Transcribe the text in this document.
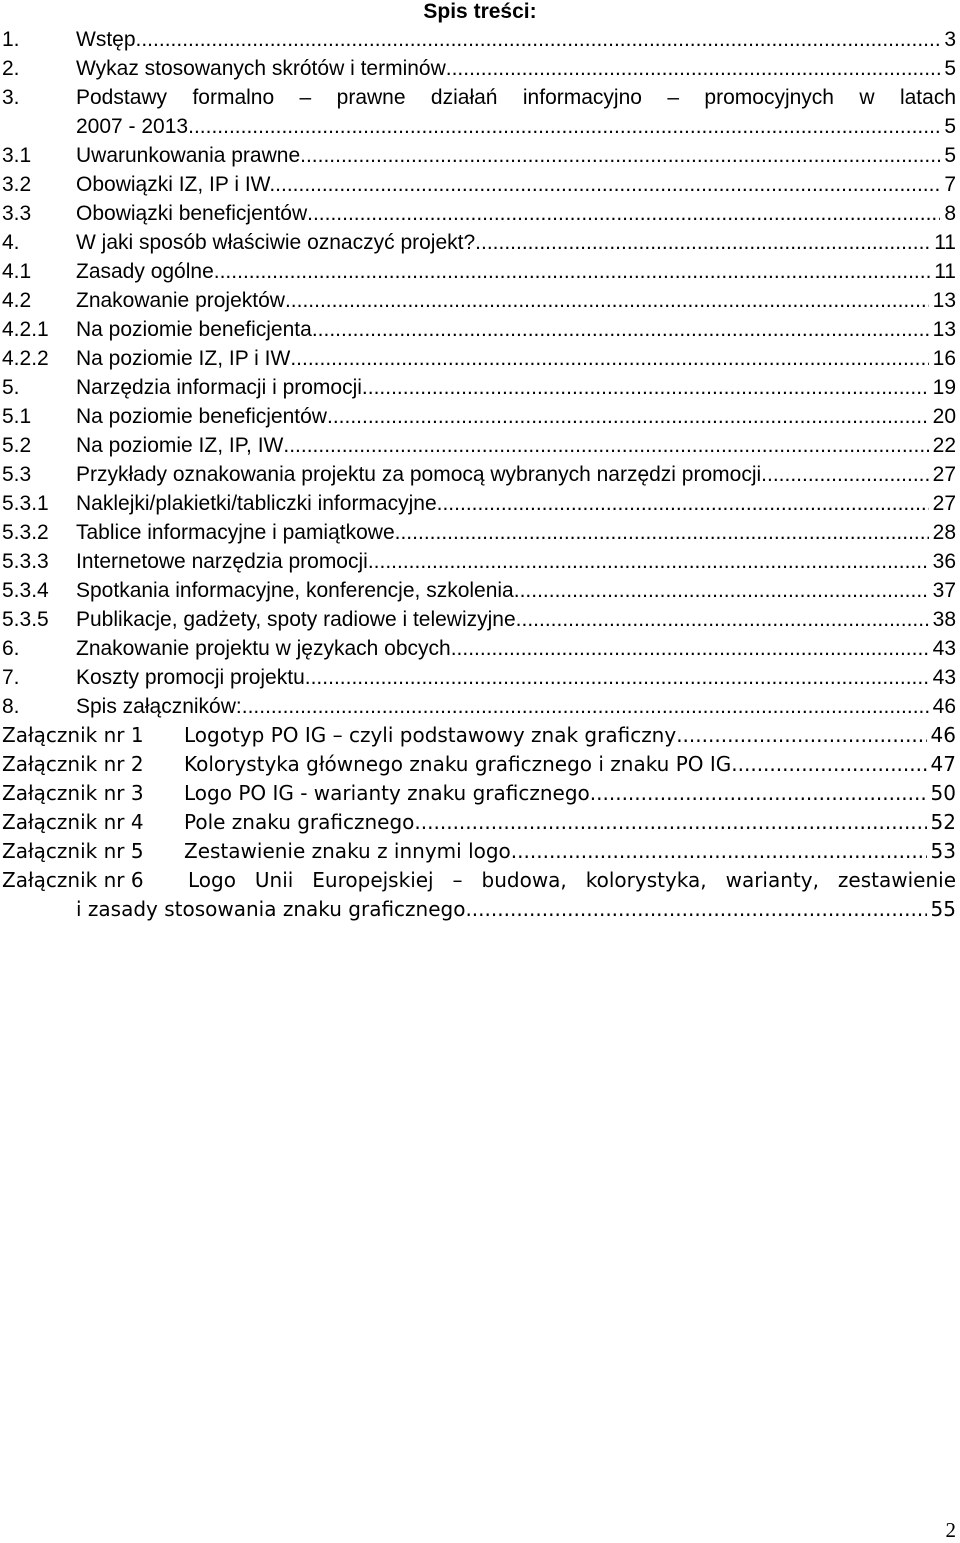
Spis treści:
1.	Wstęp .....	3
2.	Wykaz stosowanych skrótów i terminów .....	5
3.	Podstawy formalno – prawne działań informacyjno – promocyjnych w latach
2007 - 2013. .....	5
3.1	Uwarunkowania prawne. .....	5
3.2	Obowiązki IZ, IP i IW. .....	7
3.3	Obowiązki beneficjentów .....	8
4.	W jaki sposób właściwie oznaczyć projekt? .....	11
4.1	Zasady ogólne .....	11
4.2	Znakowanie projektów .....	13
4.2.1	Na poziomie beneficjenta .....	13
4.2.2	Na poziomie IZ, IP i IW .....	16
5.	Narzędzia informacji i promocji .....	19
5.1	Na poziomie beneficjentów .....	20
5.2	Na poziomie IZ, IP, IW .....	22
5.3	Przykłady oznakowania projektu za pomocą wybranych narzędzi promocji .....	27
5.3.1	Naklejki/plakietki/tabliczki informacyjne .....	27
5.3.2	Tablice informacyjne i pamiątkowe .....	28
5.3.3	Internetowe narzędzia promocji .....	36
5.3.4	Spotkania informacyjne, konferencje, szkolenia .....	37
5.3.5	Publikacje, gadżety, spoty radiowe i telewizyjne .....	38
6.	Znakowanie projektu w językach obcych .....	43
7.	Koszty promocji projektu .....	43
8.	Spis załączników: .....	46
Załącznik nr 1	Logotyp PO IG – czyli podstawowy znak graficzny .....	46
Załącznik nr 2	Kolorystyka głównego znaku graficznego i znaku PO IG .....	47
Załącznik nr 3	Logo PO IG - warianty znaku graficznego .....	50
Załącznik nr 4	Pole znaku graficznego .....	52
Załącznik nr 5	Zestawienie znaku z innymi logo .....	53
Załącznik nr 6	Logo Unii Europejskiej – budowa, kolorystyka, warianty, zestawienie
i zasady stosowania znaku graficznego .....	55
2
